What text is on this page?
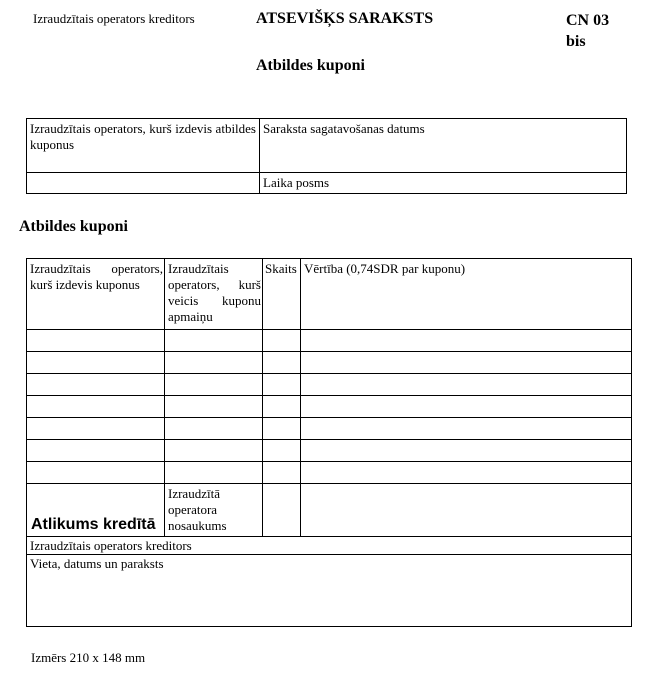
Izraudzītais operators kreditors	ATSEVIŠĶS SARAKSTS	CN 03
bis
Atbildes kuponi
Izraudzītais operators, kurš izdevis atbildes kuponus
Saraksta sagatavošanas datums
Laika posms
Atbildes kuponi
Izraudzītais operators, kurš izdevis kuponus
Izraudzītais operators, kurš veicis kuponu apmaiņu
Skaits Vērtība (0,74SDR par kuponu)
Atlikums kredītā
Izraudzītā operatora nosaukums
Izraudzītais operators kreditors
Vieta, datums un paraksts
Izmērs 210 x 148 mm
